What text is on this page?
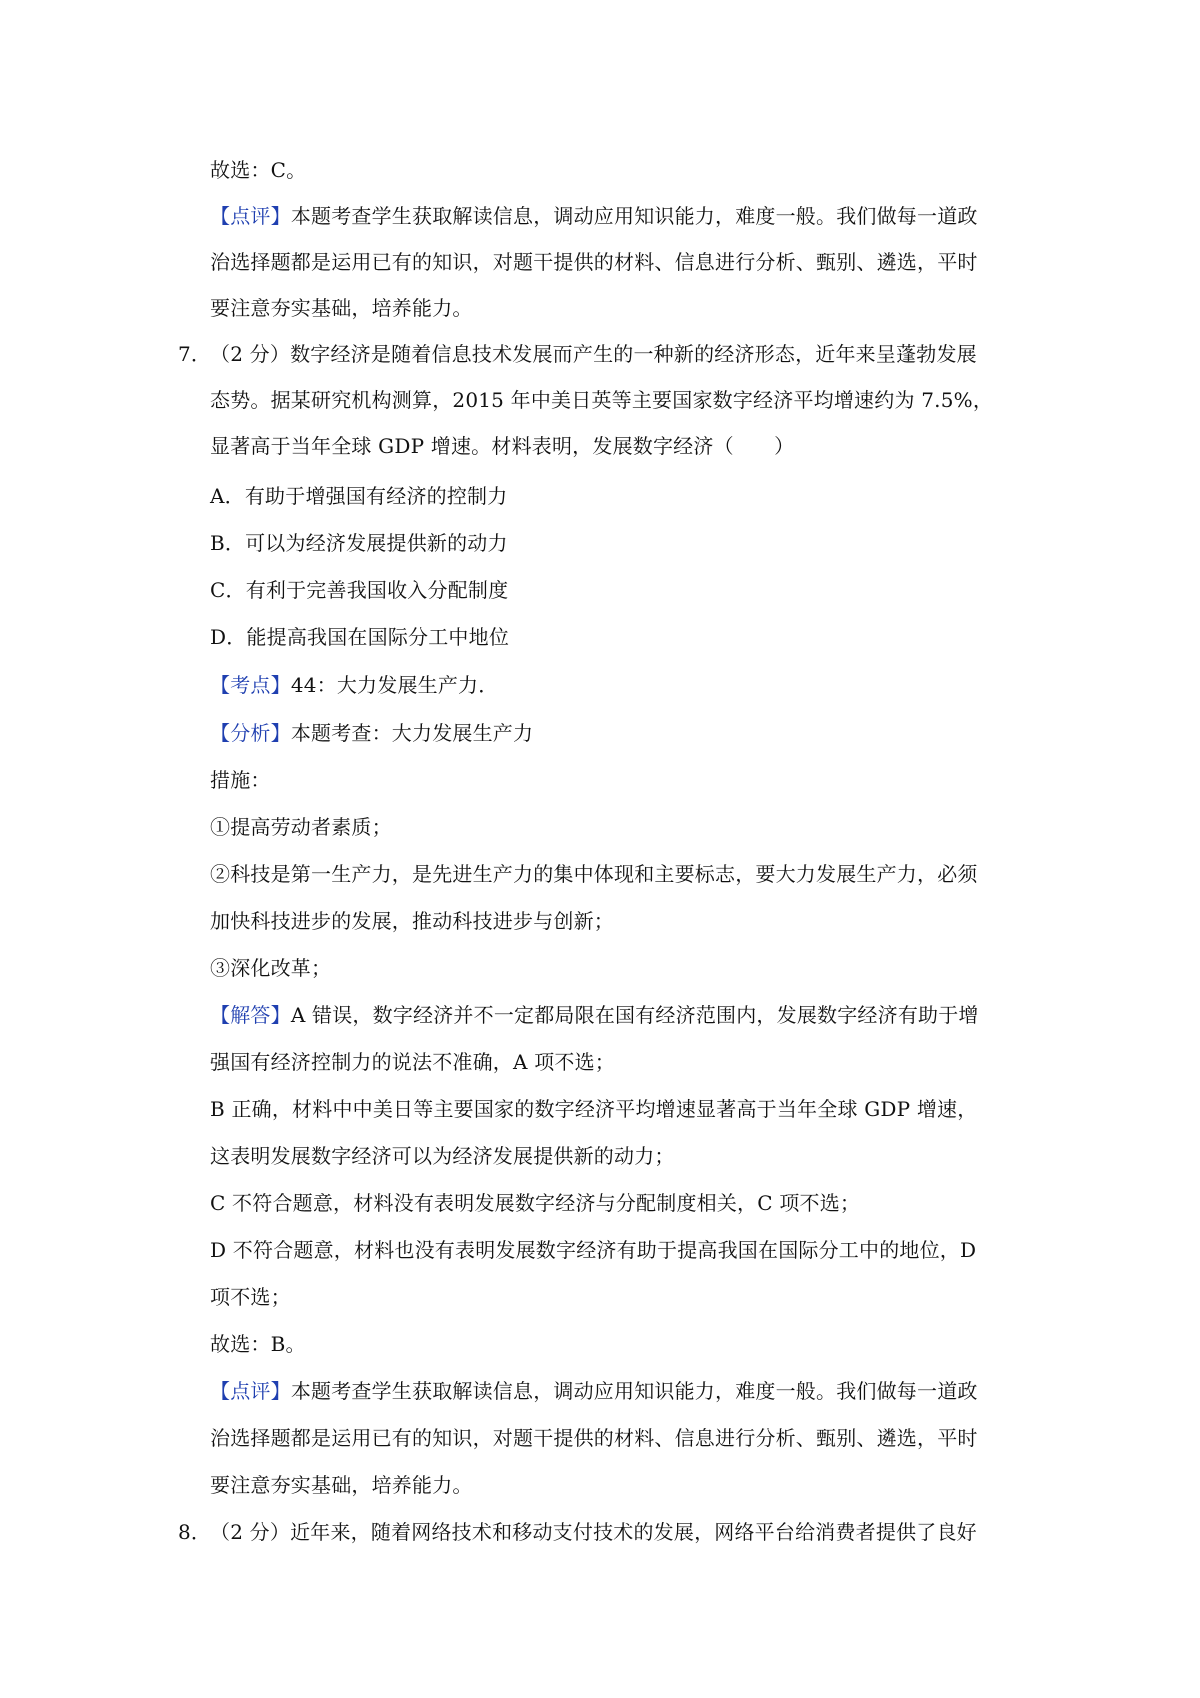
故选：C。
【点评】本题考查学生获取解读信息，调动应用知识能力，难度一般。我们做每一道政
治选择题都是运用已有的知识，对题干提供的材料、信息进行分析、甄别、遴选，平时
要注意夯实基础，培养能力。
7．
（2 分）数字经济是随着信息技术发展而产生的一种新的经济形态，近年来呈蓬勃发展
态势。据某研究机构测算，2015 年中美日英等主要国家数字经济平均增速约为 7.5%，
显著高于当年全球 GDP 增速。材料表明，发展数字经济（　　）
A．有助于增强国有经济的控制力
B．可以为经济发展提供新的动力
C．有利于完善我国收入分配制度
D．能提高我国在国际分工中地位
【考点】44：大力发展生产力．
【分析】本题考查：大力发展生产力
措施：
①提高劳动者素质；
②科技是第一生产力，是先进生产力的集中体现和主要标志，要大力发展生产力，必须
加快科技进步的发展，推动科技进步与创新；
③深化改革；
【解答】A 错误，数字经济并不一定都局限在国有经济范围内，发展数字经济有助于增
强国有经济控制力的说法不准确，A 项不选；
B 正确，材料中中美日等主要国家的数字经济平均增速显著高于当年全球 GDP 增速，
这表明发展数字经济可以为经济发展提供新的动力；
C 不符合题意，材料没有表明发展数字经济与分配制度相关，C 项不选；
D 不符合题意，材料也没有表明发展数字经济有助于提高我国在国际分工中的地位，D
项不选；
故选：B。
【点评】本题考查学生获取解读信息，调动应用知识能力，难度一般。我们做每一道政
治选择题都是运用已有的知识，对题干提供的材料、信息进行分析、甄别、遴选，平时
要注意夯实基础，培养能力。
8．
（2 分）近年来，随着网络技术和移动支付技术的发展，网络平台给消费者提供了良好
